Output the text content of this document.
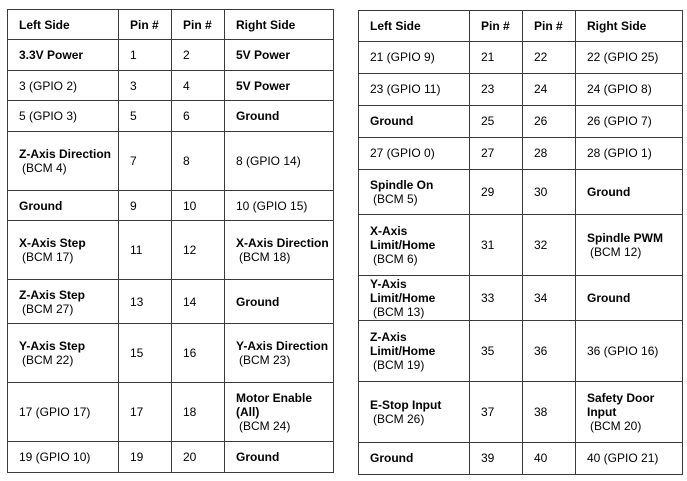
Left Side	Pin #	Pin #	Right Side
3.3V Power	1	2	5V Power
3 (GPIO 2)	3	4	5V Power
5 (GPIO 3)	5	6	Ground
Z-Axis Direction
(BCM 4)	7	8	8 (GPIO 14)
Ground	9	10	10 (GPIO 15)
X-Axis Step
(BCM 17)	11	12	X-Axis Direction
(BCM 18)

Z-Axis Step
(BCM 27)	13	14	Ground
Y-Axis Step
(BCM 22)	15	16	Y-Axis Direction
(BCM 23)

17 (GPIO 17)	17	18	Motor Enable (All)
(BCM 24)

19 (GPIO 10)	19	20	Ground
Left Side	Pin #	Pin #	Right Side
21 (GPIO 9)	21	22	22 (GPIO 25)
23 (GPIO 11)	23	24	24 (GPIO 8)
Ground	25	26	26 (GPIO 7)
27 (GPIO 0)	27	28	28 (GPIO 1)
Spindle On
(BCM 5)	29	30	Ground
X-Axis Limit/Home
(BCM 6)	31	32	Spindle PWM
(BCM 12)

Y-Axis Limit/Home
(BCM 13)	33	34	Ground
Z-Axis Limit/Home
(BCM 19)	35	36	36 (GPIO 16)
E-Stop Input
(BCM 26)	37	38	Safety Door Input
(BCM 20)

Ground	39	40	40 (GPIO 21)
